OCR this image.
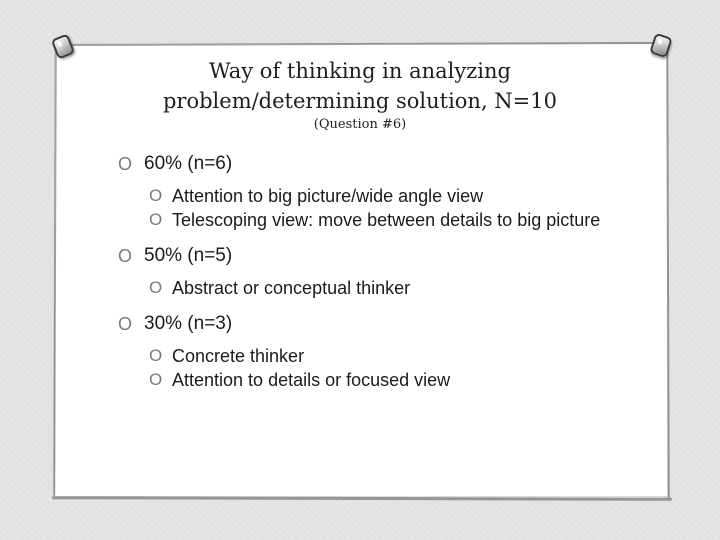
Way of thinking in analyzing
problem/determining solution, N=10
(Question #6)
O 60% (n=6)
O Attention to big picture/wide angle view
O Telescoping view: move between details to big picture
O 50% (n=5)
O Abstract or conceptual thinker
O 30% (n=3)
O Concrete thinker
O Attention to details or focused view
